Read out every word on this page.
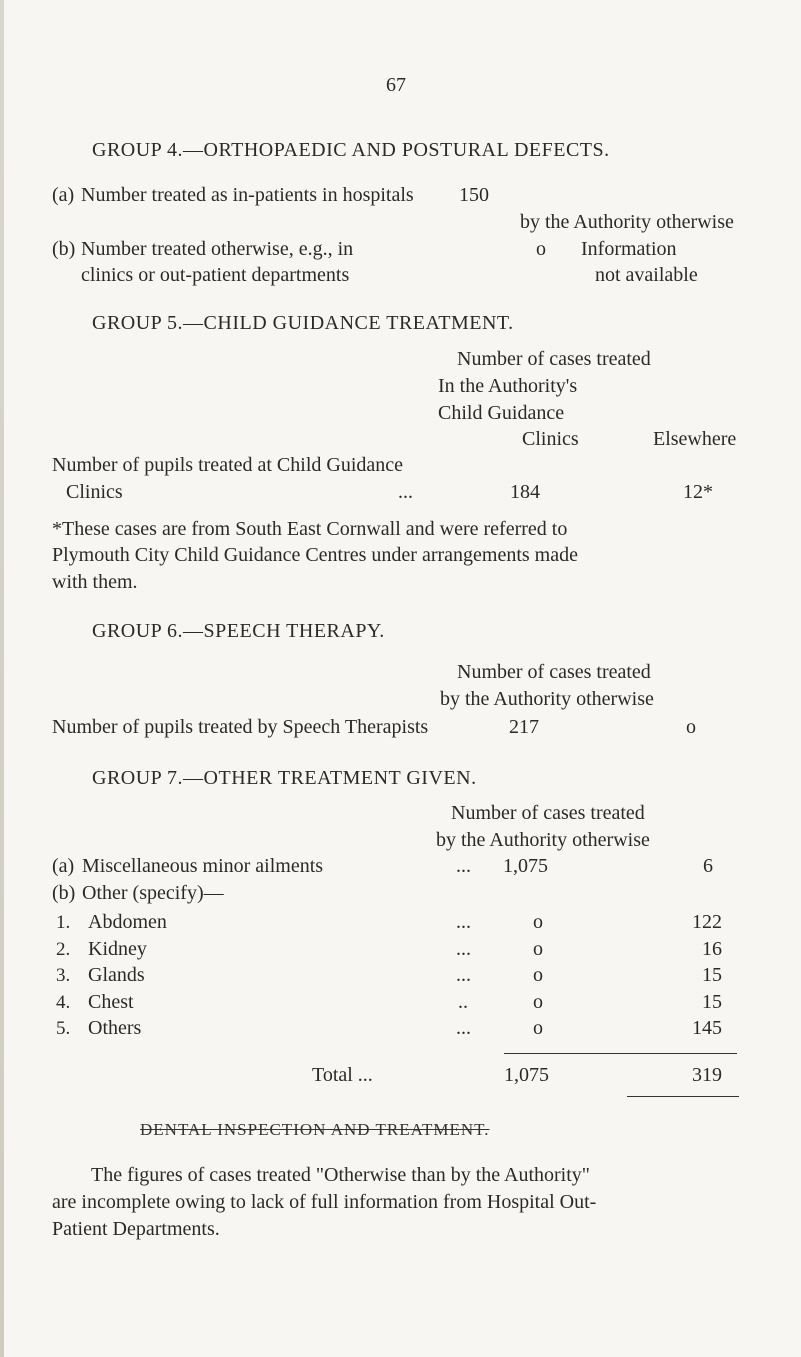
67
GROUP 4.—ORTHOPAEDIC AND POSTURAL DEFECTS.
(a) Number treated as in-patients in hospitals 150
by the Authority otherwise
(b) Number treated otherwise, e.g., in	o Information
clinics or out-patient departments	not available
GROUP 5.—CHILD GUIDANCE TREATMENT.
Number of cases treated
In the Authority's
Child Guidance
Clinics	Elsewhere
Number of pupils treated at Child Guidance
Clinics	...	184	12*
*These cases are from South East Cornwall and were referred to
Plymouth City Child Guidance Centres under arrangements made
with them.
GROUP 6.—SPEECH THERAPY.
Number of cases treated
by the Authority otherwise
Number of pupils treated by Speech Therapists	217	o
GROUP 7.—OTHER TREATMENT GIVEN.
Number of cases treated
by the Authority otherwise
(a) Miscellaneous minor ailments	...	1,075	6
(b) Other (specify)—
1. Abdomen	...	o	122
2. Kidney	...	o	16
3. Glands	...	o	15
4. Chest	..	o	15
5. Others	...	o	145
Total ...	1,075	319
DENTAL INSPECTION AND TREATMENT.
The figures of cases treated "Otherwise than by the Authority"
are incomplete owing to lack of full information from Hospital Out-
Patient Departments.
